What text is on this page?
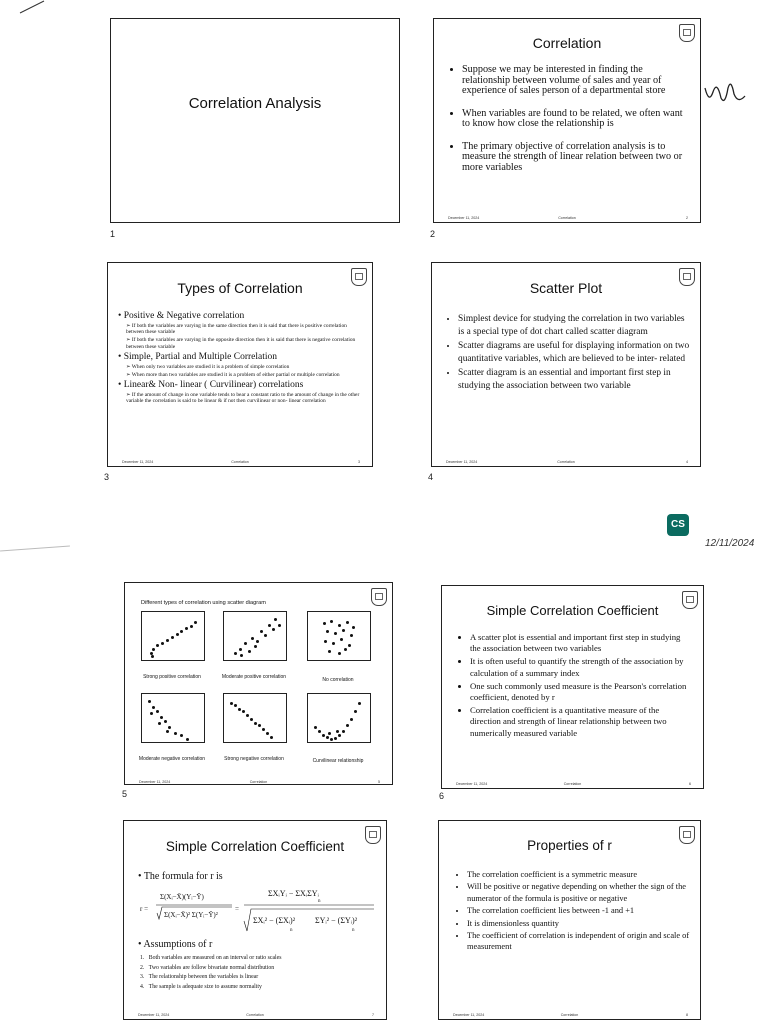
Correlation Analysis
1
Correlation
• Suppose we may be interested in finding the relationship between volume of sales and year of experience of sales person of a departmental store
• When variables are found to be related, we often want to know how close the relationship is
• The primary objective of correlation analysis is to measure the strength of linear relation between two or more variables
December 11, 2024	Correlation	2
2
Types of Correlation
• Positive & Negative correlation
➢ If both the variables are varying in the same direction then it is said that there is positive correlation between these variable
➢ If both the variables are varying in the opposite direction then it is said that there is negative correlation between these variable
• Simple, Partial and Multiple Correlation
➢ When only two variables are studied it is a problem of simple correlation
➢ When more than two variables are studied it is a problem of either partial or multiple correlation
• Linear& Non- linear ( Curvilinear) correlations
➢ If the amount of change in one variable tends to bear a constant ratio to the amount of change in the other variable the correlation is said to be linear & if not then curvilinear or non- linear correlation
December 11, 2024	Correlation	3
3
Scatter Plot
• Simplest device for studying the correlation in two variables is a special type of dot chart called scatter diagram
• Scatter diagrams are useful for displaying information on two quantitative variables, which are believed to be inter- related
• Scatter diagram is an essential and important first step in studying the association between two variable
December 11, 2024	Correlation	4
4
CS
12/11/2024
Different types of correlation using scatter diagram
Strong positive correlation	Moderate positive correlation	No correlation
Moderate negative correlation	Strong negative correlation	Curvilinear relationship
December 11, 2024	Correlation	5
5
Simple Correlation Coefficient
• A scatter plot is essential and important first step in studying the association between two variables
• It is often useful to quantify the strength of the association by calculation of a summary index
• One such commonly used measure is the Pearson's correlation coefficient, denoted by r
• Correlation coefficient is a quantitative measure of the direction and strength of linear relationship between two numerically measured variable
December 11, 2024	Correlation	6
6
Simple Correlation Coefficient
• The formula for r is
r =
Σ(Xᵢ−X̄)(Yᵢ−Ȳ)
Σ(Xᵢ−X̄)² Σ(Yᵢ−Ȳ)²
=
ΣXᵢYᵢ − ΣXᵢΣYᵢ
n
ΣXᵢ² − (ΣXᵢ)²
n
ΣYᵢ² − (ΣYᵢ)²
n
• Assumptions of r
1.   Both variables are measured on an interval or ratio scales
2.   Two variables are follow bivariate normal distribution
3.   The relationship between the variables is linear
4.   The sample is adequate size to assume normality
December 11, 2024	Correlation	7
Properties of r
• The correlation coefficient is a symmetric measure
• Will be positive or negative depending on whether the sign of the numerator of the formula is positive or negative
• The correlation coefficient lies between -1 and +1
• It is dimensionless quantity
• The coefficient of correlation is independent of origin and scale of measurement
December 11, 2024	Correlation	8
